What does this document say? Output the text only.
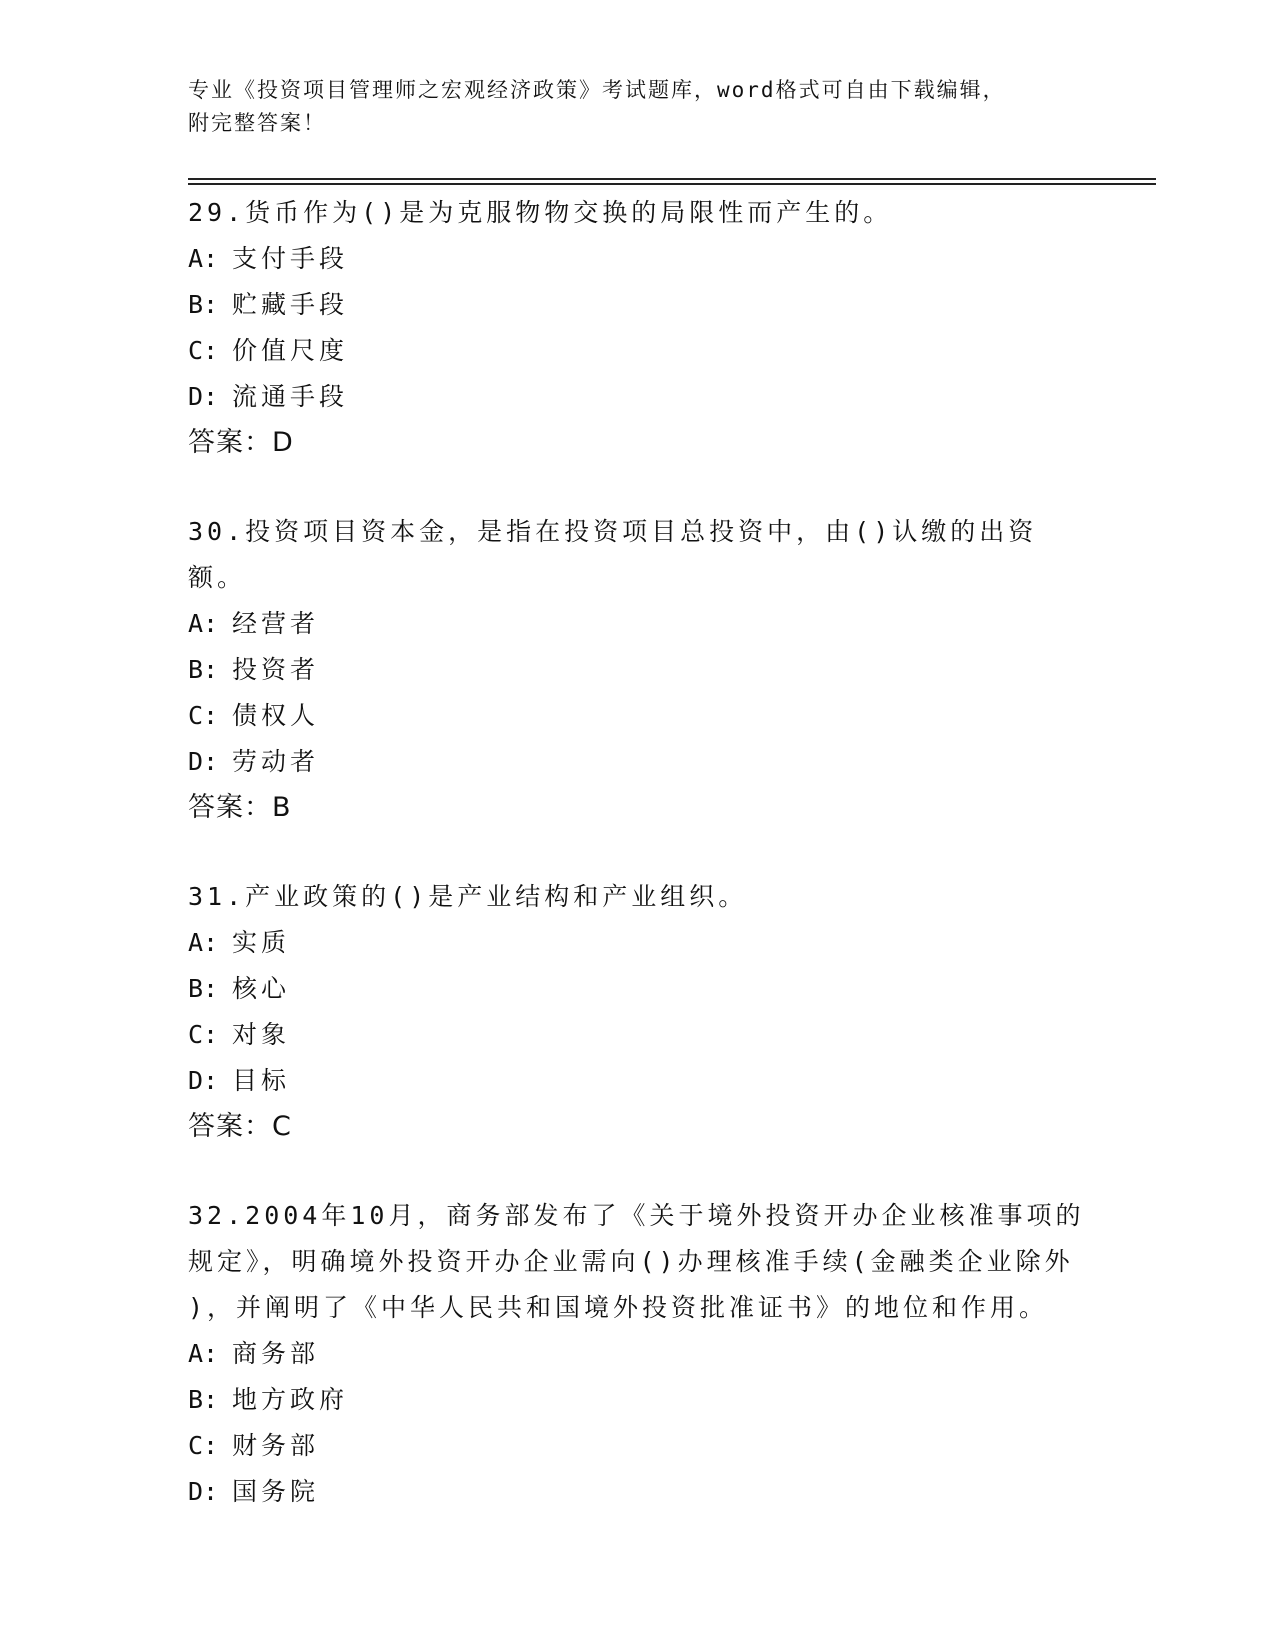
专业《投资项目管理师之宏观经济政策》考试题库，word格式可自由下载编辑，
附完整答案！
29.货币作为()是为克服物物交换的局限性而产生的。
A: 支付手段
B: 贮藏手段
C: 价值尺度
D: 流通手段
答案：D
30.投资项目资本金，是指在投资项目总投资中，由()认缴的出资额。
A: 经营者
B: 投资者
C: 债权人
D: 劳动者
答案：B
31.产业政策的()是产业结构和产业组织。
A: 实质
B: 核心
C: 对象
D: 目标
答案：C
32.2004年10月，商务部发布了《关于境外投资开办企业核准事项的
规定》，明确境外投资开办企业需向()办理核准手续(金融类企业除外
)，并阐明了《中华人民共和国境外投资批准证书》的地位和作用。
A: 商务部
B: 地方政府
C: 财务部
D: 国务院
